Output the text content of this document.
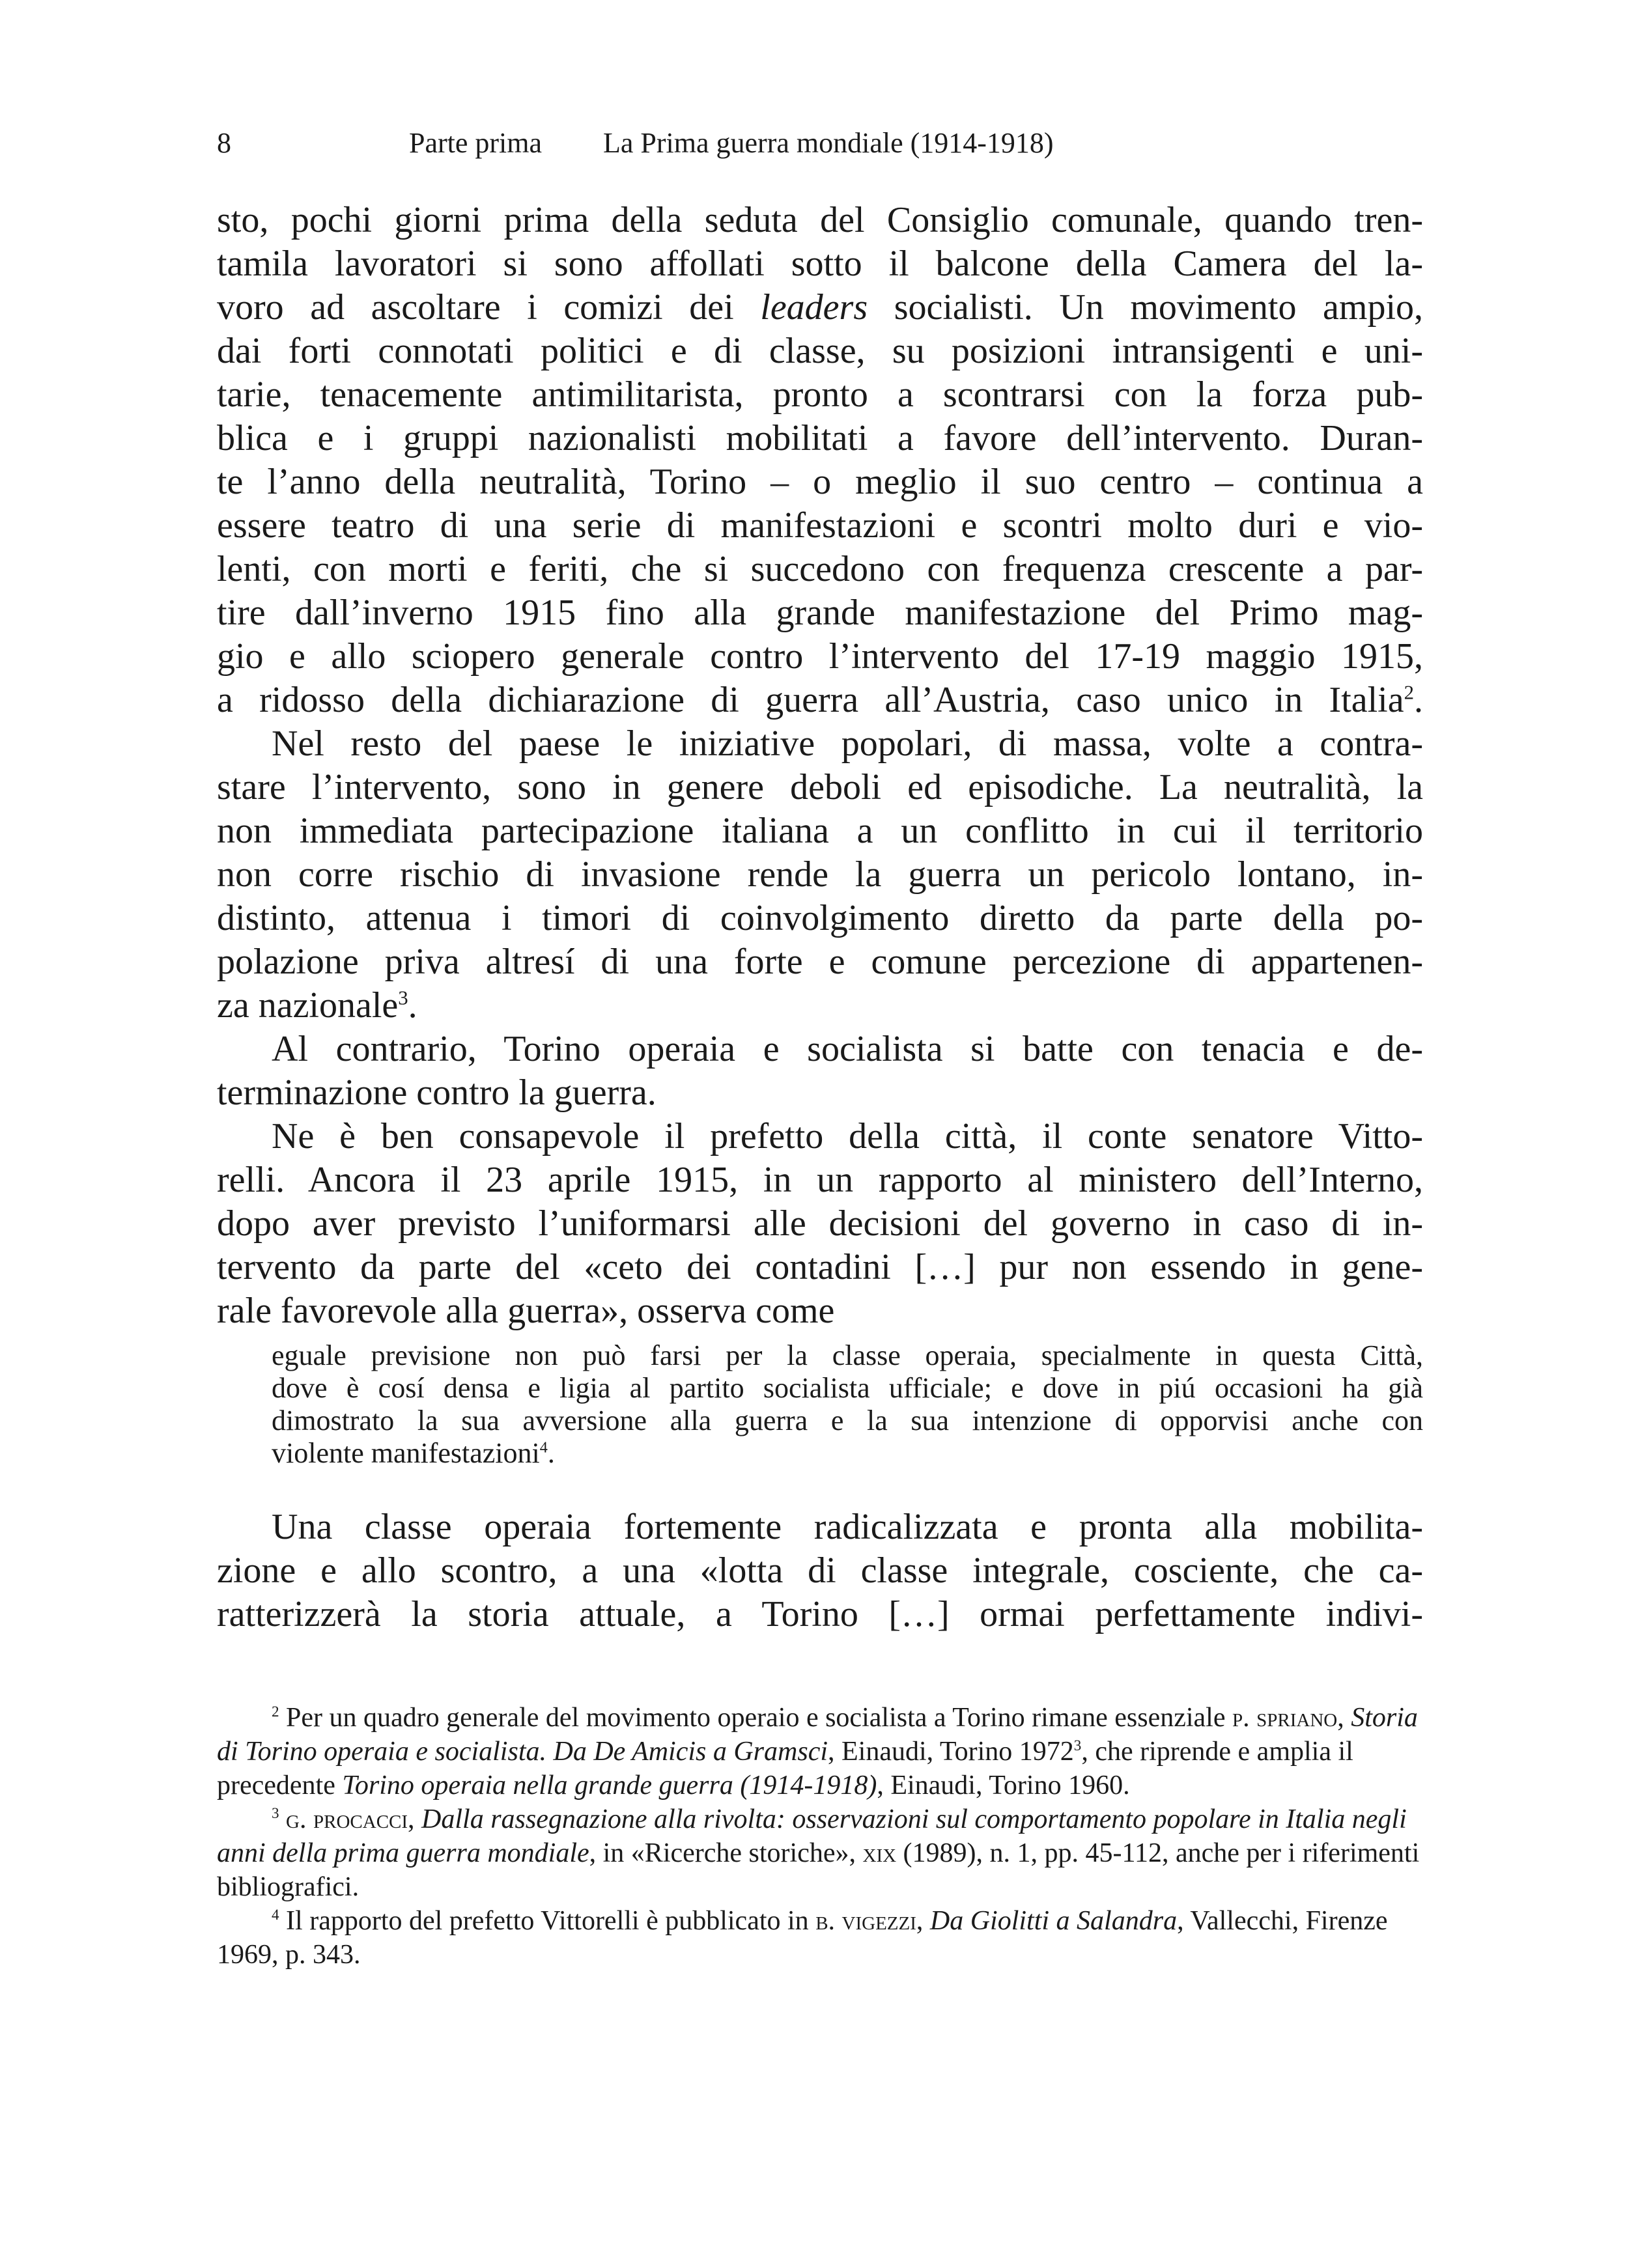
8	Parte prima La Prima guerra mondiale (1914-1918)

sto, pochi giorni prima della seduta del Consiglio comunale, quando tren-
tamila lavoratori si sono affollati sotto il balcone della Camera del la-
voro ad ascoltare i comizi dei leaders socialisti. Un movimento ampio,
dai forti connotati politici e di classe, su posizioni intransigenti e uni-
tarie, tenacemente antimilitarista, pronto a scontrarsi con la forza pub-
blica e i gruppi nazionalisti mobilitati a favore dell’intervento. Duran-
te l’anno della neutralità, Torino – o meglio il suo centro – continua a
essere teatro di una serie di manifestazioni e scontri molto duri e vio-
lenti, con morti e feriti, che si succedono con frequenza crescente a par-
tire dall’inverno 1915 fino alla grande manifestazione del Primo mag-
gio e allo sciopero generale contro l’intervento del 17-19 maggio 1915,
a ridosso della dichiarazione di guerra all’Austria, caso unico in Italia$^2$.

Nel resto del paese le iniziative popolari, di massa, volte a contra-
stare l’intervento, sono in genere deboli ed episodiche. La neutralità, la
non immediata partecipazione italiana a un conflitto in cui il territorio
non corre rischio di invasione rende la guerra un pericolo lontano, in-
distinto, attenua i timori di coinvolgimento diretto da parte della po-
polazione priva altresí di una forte e comune percezione di appartenen-
za nazionale$^3$.

Al contrario, Torino operaia e socialista si batte con tenacia e de-
terminazione contro la guerra.

Ne è ben consapevole il prefetto della città, il conte senatore Vitto-
relli. Ancora il 23 aprile 1915, in un rapporto al ministero dell’Interno,
dopo aver previsto l’uniformarsi alle decisioni del governo in caso di in-
tervento da parte del «ceto dei contadini […] pur non essendo in gene-
rale favorevole alla guerra», osserva come

eguale previsione non può farsi per la classe operaia, specialmente in questa Città,
dove è cosí densa e ligia al partito socialista ufficiale; e dove in piú occasioni ha già
dimostrato la sua avversione alla guerra e la sua intenzione di opporvisi anche con
violente manifestazioni$^4$.

Una classe operaia fortemente radicalizzata e pronta alla mobilita-
zione e allo scontro, a una «lotta di classe integrale, cosciente, che ca-
ratterizzerà la storia attuale, a Torino […] ormai perfettamente indivi-

$^2$ Per un quadro generale del movimento operaio e socialista a Torino rimane essenziale p. spriano, Storia di Torino operaia e socialista. Da De Amicis a Gramsci, Einaudi, Torino 1972$^3$, che riprende e amplia il precedente Torino operaia nella grande guerra (1914-1918), Einaudi, Torino 1960.

$^3$ g. procacci, Dalla rassegnazione alla rivolta: osservazioni sul comportamento popolare in Italia negli anni della prima guerra mondiale, in «Ricerche storiche», xix (1989), n. 1, pp. 45-112, anche per i riferimenti bibliografici.

$^4$ Il rapporto del prefetto Vittorelli è pubblicato in b. vigezzi, Da Giolitti a Salandra, Vallecchi, Firenze 1969, p. 343.
